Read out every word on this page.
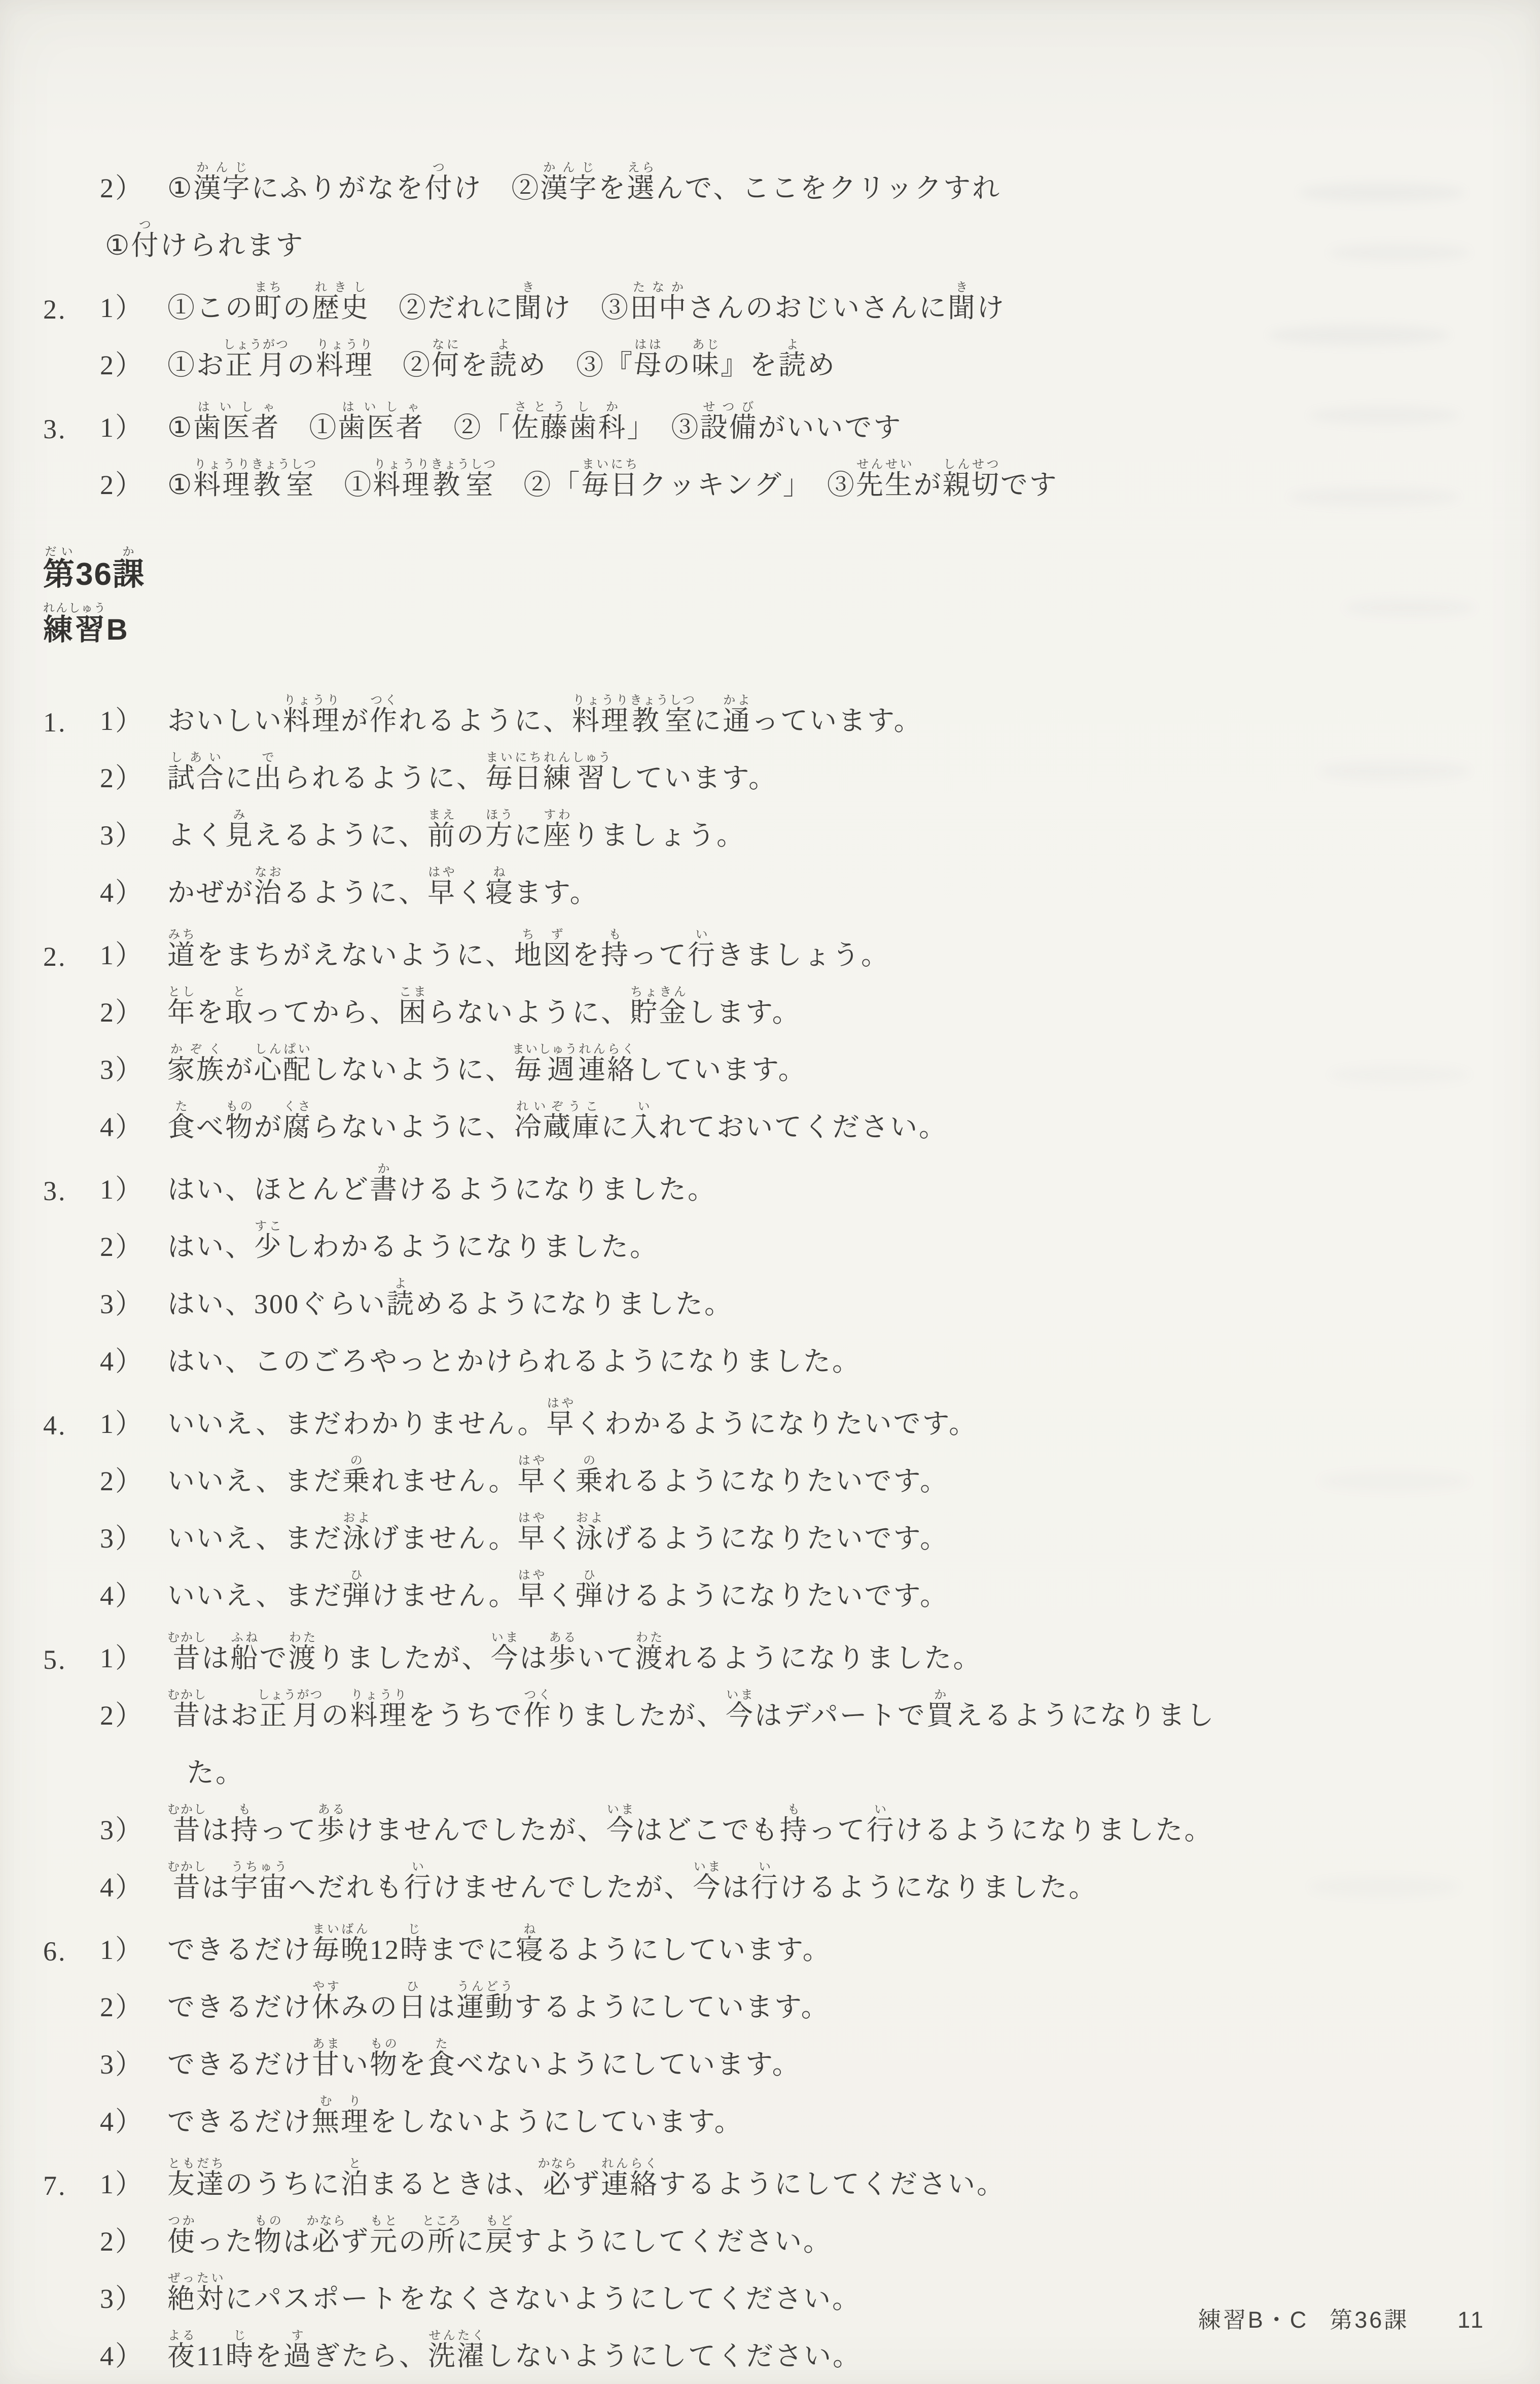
2） ①漢字かんじにふりがなを付つけ　②漢字かんじを選えらんで、ここをクリックすれ
①付つけられます
2.	1） ①この町まちの歴史れきし　②だれに聞きけ　③田中たなかさんのおじいさんに聞きけ
2） ①お正月しょうがつの料理りょうり　②何なにを読よめ　③『母ははの味あじ』を読よめ
3.	1） ①歯医者はいしゃ　①歯医者はいしゃ　②「佐藤さとう歯科しか」　③設備せつびがいいです
2） ①料理りょうり教室きょうしつ　①料理りょうり教室きょうしつ　②「毎日まいにちクッキング」　③先生せんせいが親切しんせつです
第だい36課か
練習れんしゅうB
1.	1） おいしい料理りょうりが作つくれるように、料理りょうり教室きょうしつに通かよっています。
2） 試合しあいに出でられるように、毎日まいにち練れん習しゅうしています。
3） よく見みえるように、前まえの方ほうに座すわりましょう。
4） かぜが治なおるように、早はやく寝ねます。
2.	1） 道みちをまちがえないように、地図ちずを持もって行いきましょう。
2） 年としを取とってから、困こまらないように、貯金ちょきんします。
3） 家族かぞくが心配しんぱいしないように、毎週まいしゅう連絡れんらくしています。
4） 食たべ物ものが腐くさらないように、冷蔵庫れいぞうこに入いれておいてください。
3.	1） はい、ほとんど書かけるようになりました。
2） はい、少すこしわかるようになりました。
3） はい、300ぐらい読よめるようになりました。
4） はい、このごろやっとかけられるようになりました。
4.	1） いいえ、まだわかりません。早はやくわかるようになりたいです。
2） いいえ、まだ乗のれません。早はやく乗のれるようになりたいです。
3） いいえ、まだ泳およげません。早はやく泳およげるようになりたいです。
4） いいえ、まだ弾ひけません。早はやく弾ひけるようになりたいです。
5.	1） 昔むかしは船ふねで渡わたりましたが、今いまは歩あるいて渡わたれるようになりました。
2） 昔むかしはお正月しょうがつの料理りょうりをうちで作つくりましたが、今いまはデパートで買かえるようになりまし
た。
3） 昔むかしは持もって歩あるけませんでしたが、今いまはどこでも持もって行いけるようになりました。
4） 昔むかしは宇宙うちゅうへだれも行いけませんでしたが、今いまは行いけるようになりました。
6.	1） できるだけ毎晩まいばん12時じまでに寝ねるようにしています。
2） できるだけ休やすみの日ひは運動うんどうするようにしています。
3） できるだけ甘あまい物ものを食たべないようにしています。
4） できるだけ無理むりをしないようにしています。
7.	1） 友達ともだちのうちに泊とまるときは、必かならず連絡れんらくするようにしてください。
2） 使つかった物ものは必かならず元もとの所ところに戻もどすようにしてください。
3） 絶対ぜったいにパスポートをなくさないようにしてください。
4） 夜よる11時じを過すぎたら、洗濯せんたくしないようにしてください。
練習B・C 第36課 11
